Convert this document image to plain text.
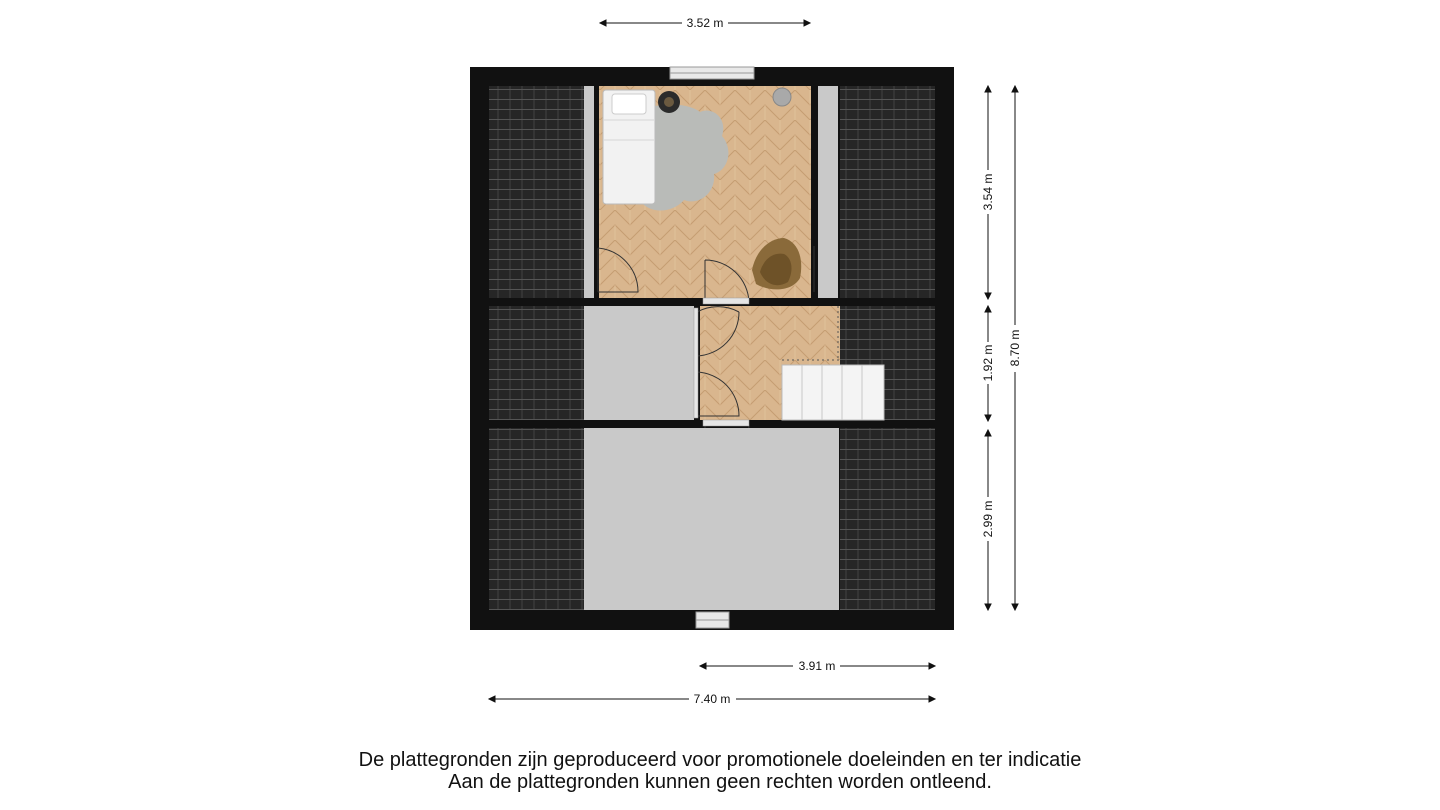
3.52 m
3.54 m
1.92 m
2.99 m
8.70 m
3.91 m
7.40 m
De plattegronden zijn geproduceerd voor promotionele doeleinden en ter indicatie
Aan de plattegronden kunnen geen rechten worden ontleend.
